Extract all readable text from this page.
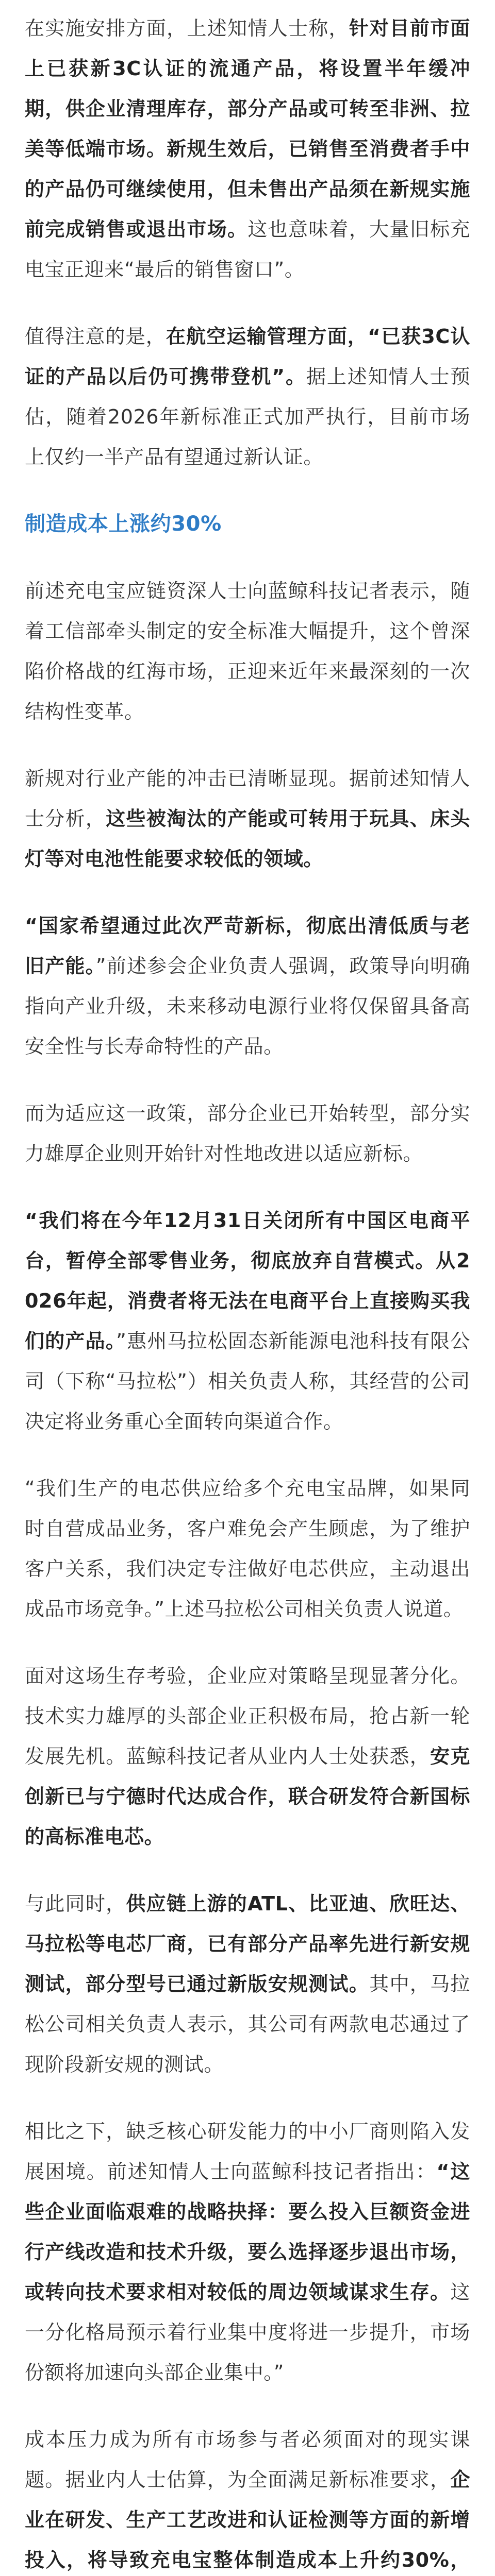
在实施安排方面，上述知情人士称，针对目前市面上已获新3C认证的流通产品，将设置半年缓冲期，供企业清理库存，部分产品或可转至非洲、拉美等低端市场。新规生效后，已销售至消费者手中的产品仍可继续使用，但未售出产品须在新规实施前完成销售或退出市场。这也意味着，大量旧标充电宝正迎来“最后的销售窗口”。

值得注意的是，在航空运输管理方面，“已获3C认证的产品以后仍可携带登机”。据上述知情人士预估，随着2026年新标准正式加严执行，目前市场上仅约一半产品有望通过新认证。

制造成本上涨约30%

前述充电宝应链资深人士向蓝鲸科技记者表示，随着工信部牵头制定的安全标准大幅提升，这个曾深陷价格战的红海市场，正迎来近年来最深刻的一次结构性变革。

新规对行业产能的冲击已清晰显现。据前述知情人士分析，这些被淘汰的产能或可转用于玩具、床头灯等对电池性能要求较低的领域。

“国家希望通过此次严苛新标，彻底出清低质与老旧产能。”前述参会企业负责人强调，政策导向明确指向产业升级，未来移动电源行业将仅保留具备高安全性与长寿命特性的产品。

而为适应这一政策，部分企业已开始转型，部分实力雄厚企业则开始针对性地改进以适应新标。

“我们将在今年12月31日关闭所有中国区电商平台，暂停全部零售业务，彻底放弃自营模式。从2026年起，消费者将无法在电商平台上直接购买我们的产品。”惠州马拉松固态新能源电池科技有限公司（下称“马拉松”）相关负责人称，其经营的公司决定将业务重心全面转向渠道合作。

“我们生产的电芯供应给多个充电宝品牌，如果同时自营成品业务，客户难免会产生顾虑，为了维护客户关系，我们决定专注做好电芯供应，主动退出成品市场竞争。”上述马拉松公司相关负责人说道。

面对这场生存考验，企业应对策略呈现显著分化。技术实力雄厚的头部企业正积极布局，抢占新一轮发展先机。蓝鲸科技记者从业内人士处获悉，安克创新已与宁德时代达成合作，联合研发符合新国标的高标准电芯。

与此同时，供应链上游的ATL、比亚迪、欣旺达、马拉松等电芯厂商，已有部分产品率先进行新安规测试，部分型号已通过新版安规测试。其中，马拉松公司相关负责人表示，其公司有两款电芯通过了现阶段新安规的测试。

相比之下，缺乏核心研发能力的中小厂商则陷入发展困境。前述知情人士向蓝鲸科技记者指出：“这些企业面临艰难的战略抉择：要么投入巨额资金进行产线改造和技术升级，要么选择逐步退出市场，或转向技术要求相对较低的周边领域谋求生存。这一分化格局预示着行业集中度将进一步提升，市场份额将加速向头部企业集中。”

成本压力成为所有市场参与者必须面对的现实课题。据业内人士估算，为全面满足新标准要求，企业在研发、生产工艺改进和认证检测等方面的新增投入，将导致充电宝整体制造成本上升约30%，
